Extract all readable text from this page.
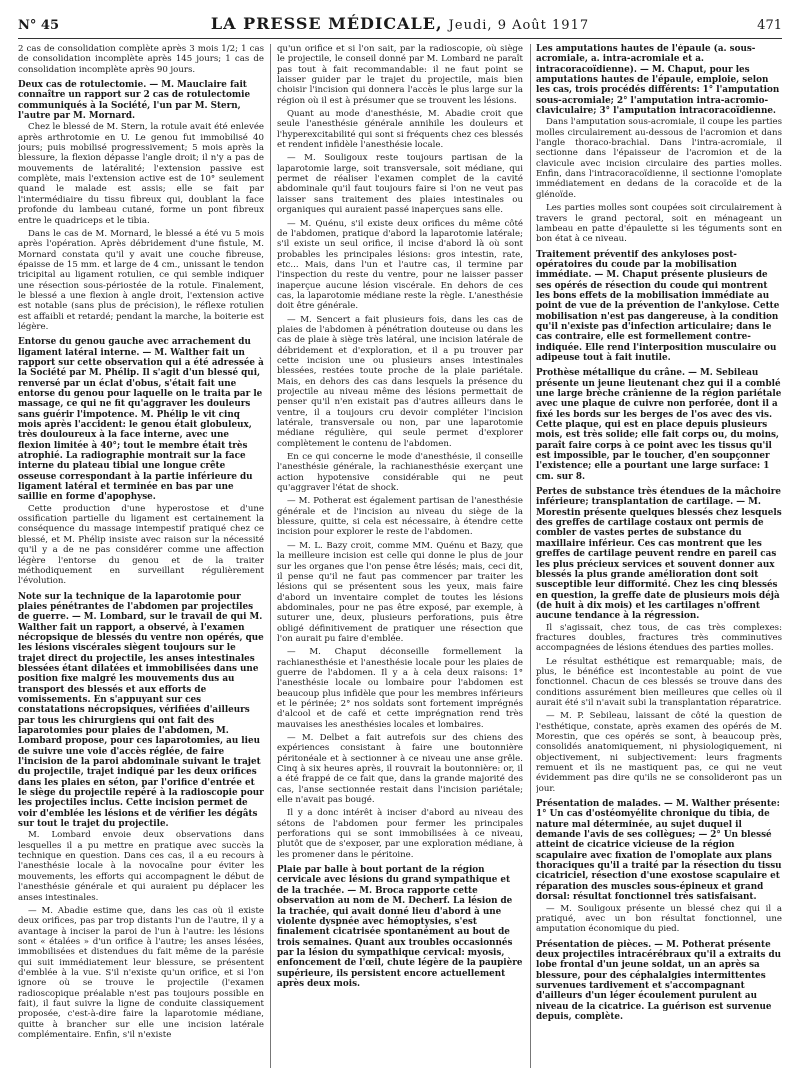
N° 45	LA PRESSE MÉDICALE, Jeudi, 9 Août 1917	471

2 cas de consolidation complète après 3 mois 1/2; 1 cas de consolidation incomplète après 145 jours; 1 cas de consolidation incomplète après 90 jours.

Deux cas de rotulectomie. — M. Mauclaire fait connaître un rapport sur 2 cas de rotulectomie communiqués à la Société, l'un par M. Stern, l'autre par M. Mornard.

Chez le blessé de M. Stern, la rotule avait été enlevée après arthrotomie en U. Le genou fut immobilisé 40 jours; puis mobilisé progressivement; 5 mois après la blessure, la flexion dépasse l'angle droit; il n'y a pas de mouvements de latéralité; l'extension passive est complète, mais l'extension active est de 10° seulement quand le malade est assis; elle se fait par l'intermédiaire du tissu fibreux qui, doublant la face profonde du lambeau cutané, forme un pont fibreux entre le quadriceps et le tibia.

Dans le cas de M. Mornard, le blessé a été vu 5 mois après l'opération. Après débridement d'une fistule, M. Mornard constata qu'il y avait une couche fibreuse, épaisse de 15 mm. et large de 4 cm., unissant le tendon tricipital au ligament rotulien, ce qui semble indiquer une résection sous-périostée de la rotule. Finalement, le blessé a une flexion à angle droit, l'extension active est notable (sans plus de précision), le réflexe rotulien est affaibli et retardé; pendant la marche, la boiterie est légère.

Entorse du genou gauche avec arrachement du ligament latéral interne. — M. Walther fait un rapport sur cette observation qui a été adressée à la Société par M. Phélip. Il s'agit d'un blessé qui, renversé par un éclat d'obus, s'était fait une entorse du genou pour laquelle on le traita par le massage, ce qui ne fit qu'aggraver les douleurs sans guérir l'impotence. M. Phélip le vit cinq mois après l'accident: le genou était globuleux, très douloureux à la face interne, avec une flexion limitée à 40°; tout le membre était très atrophié. La radiographie montrait sur la face interne du plateau tibial une longue crête osseuse correspondant à la partie inférieure du ligament latéral et terminée en bas par une saillie en forme d'apophyse.

Cette production d'une hyperostose et d'une ossification partielle du ligament est certainement la conséquence du massage intempestif pratiqué chez ce blessé, et M. Phélip insiste avec raison sur la nécessité qu'il y a de ne pas considérer comme une affection légère l'entorse du genou et de la traiter méthodiquement en surveillant régulièrement l'évolution.

Note sur la technique de la laparotomie pour plaies pénétrantes de l'abdomen par projectiles de guerre. — M. Lombard, sur le travail de qui M. Walther fait un rapport, a observé, à l'examen nécropsique de blessés du ventre non opérés, que les lésions viscérales siègent toujours sur le trajet direct du projectile, les anses intestinales blessées étant dilatées et immobilisées dans une position fixe malgré les mouvements dus au transport des blessés et aux efforts de vomissements. En s'appuyant sur ces constatations nécropsiques, vérifiées d'ailleurs par tous les chirurgiens qui ont fait des laparotomies pour plaies de l'abdomen, M. Lombard propose, pour ces laparotomies, au lieu de suivre une voie d'accès réglée, de faire l'incision de la paroi abdominale suivant le trajet du projectile, trajet indiqué par les deux orifices dans les plaies en séton, par l'orifice d'entrée et le siège du projectile repéré à la radioscopie pour les projectiles inclus. Cette incision permet de voir d'emblée les lésions et de vérifier les dégâts sur tout le trajet du projectile.

M. Lombard envoie deux observations dans lesquelles il a pu mettre en pratique avec succès la technique en question. Dans ces cas, il a eu recours à l'anesthésie locale à la novocaïne pour éviter les mouvements, les efforts qui accompagnent le début de l'anesthésie générale et qui auraient pu déplacer les anses intestinales.

— M. Abadie estime que, dans les cas où il existe deux orifices, pas par trop distants l'un de l'autre, il y a avantage à inciser la paroi de l'un à l'autre: les lésions sont « étalées » d'un orifice à l'autre; les anses lésées, immobilisées et distendues du fait même de la parésie qui suit immédiatement leur blessure, se présentent d'emblée à la vue. S'il n'existe qu'un orifice, et si l'on ignore où se trouve le projectile (l'examen radioscopique préalable n'est pas toujours possible en fait), il faut suivre la ligne de conduite classiquement proposée, c'est-à-dire faire la laparotomie médiane, quitte à brancher sur elle une incision latérale complémentaire. Enfin, s'il n'existe

qu'un orifice et si l'on sait, par la radioscopie, où siège le projectile, le conseil donné par M. Lombard ne paraît pas tout à fait recommandable: il ne faut point se laisser guider par le trajet du projectile, mais bien choisir l'incision qui donnera l'accès le plus large sur la région où il est à présumer que se trouvent les lésions.

Quant au mode d'anesthésie, M. Abadie croit que seule l'anesthésie générale annihile les douleurs et l'hyperexcitabilité qui sont si fréquents chez ces blessés et rendent infidèle l'anesthésie locale.

— M. Souligoux reste toujours partisan de la laparotomie large, soit transversale, soit médiane, qui permet de réaliser l'examen complet de la cavité abdominale qu'il faut toujours faire si l'on ne veut pas laisser sans traitement des plaies intestinales ou organiques qui auraient passé inaperçues sans elle.

— M. Quénu, s'il existe deux orifices du même côté de l'abdomen, pratique d'abord la laparotomie latérale; s'il existe un seul orifice, il incise d'abord là où sont probables les principales lésions: gros intestin, rate, etc... Mais, dans l'un et l'autre cas, il termine par l'inspection du reste du ventre, pour ne laisser passer inaperçue aucune lésion viscérale. En dehors de ces cas, la laparotomie médiane reste la règle. L'anesthésie doit être générale.

— M. Sencert a fait plusieurs fois, dans les cas de plaies de l'abdomen à pénétration douteuse ou dans les cas de plaie à siège très latéral, une incision latérale de débridement et d'exploration, et il a pu trouver par cette incision une ou plusieurs anses intestinales blessées, restées toute proche de la plaie pariétale. Mais, en dehors des cas dans lesquels la présence du projectile au niveau même des lésions permettait de penser qu'il n'en existait pas d'autres ailleurs dans le ventre, il a toujours cru devoir compléter l'incision latérale, transversale ou non, par une laparotomie médiane régulière, qui seule permet d'explorer complètement le contenu de l'abdomen.

En ce qui concerne le mode d'anesthésie, il conseille l'anesthésie générale, la rachianesthésie exerçant une action hypotensive considérable qui ne peut qu'aggraver l'état de shock.

— M. Potherat est également partisan de l'anesthésie générale et de l'incision au niveau du siège de la blessure, quitte, si cela est nécessaire, à étendre cette incision pour explorer le reste de l'abdomen.

— M. L. Bazy croit, comme MM. Quénu et Bazy, que la meilleure incision est celle qui donne le plus de jour sur les organes que l'on pense être lésés; mais, ceci dit, il pense qu'il ne faut pas commencer par traiter les lésions qui se présentent sous les yeux, mais faire d'abord un inventaire complet de toutes les lésions abdominales, pour ne pas être exposé, par exemple, à suturer une, deux, plusieurs perforations, puis être obligé définitivement de pratiquer une résection que l'on aurait pu faire d'emblée.

— M. Chaput déconseille formellement la rachianesthésie et l'anesthésie locale pour les plaies de guerre de l'abdomen. Il y a à cela deux raisons: 1° l'anesthésie locale ou lombaire pour l'abdomen est beaucoup plus infidèle que pour les membres inférieurs et le périnée; 2° nos soldats sont fortement imprégnés d'alcool et de café et cette imprégnation rend très mauvaises les anesthésies locales et lombaires.

— M. Delbet a fait autrefois sur des chiens des expériences consistant à faire une boutonnière péritonéale et à sectionner à ce niveau une anse grêle. Cinq à six heures après, il rouvrait la boutonnière: or, il a été frappé de ce fait que, dans la grande majorité des cas, l'anse sectionnée restait dans l'incision pariétale; elle n'avait pas bougé.

Il y a donc intérêt à inciser d'abord au niveau des sétons de l'abdomen pour fermer les principales perforations qui se sont immobilisées à ce niveau, plutôt que de s'exposer, par une exploration médiane, à les promener dans le péritoine.

Plaie par balle à bout portant de la région cervicale avec lésions du grand sympathique et de la trachée. — M. Broca rapporte cette observation au nom de M. Decherf. La lésion de la trachée, qui avait donné lieu d'abord à une violente dyspnée avec hémoptysies, s'est finalement cicatrisée spontanément au bout de trois semaines. Quant aux troubles occasionnés par la lésion du sympathique cervical: myosis, enfoncement de l'œil, chute légère de la paupière supérieure, ils persistent encore actuellement après deux mois.
Les amputations hautes de l'épaule (a. sous-acromiale, a. intra-acromiale et a. intracoracoïdienne). — M. Chaput, pour les amputations hautes de l'épaule, emploie, selon les cas, trois procédés différents: 1° l'amputation sous-acromiale; 2° l'amputation intra-acromio-claviculaire; 3° l'amputation intracoracoïdienne.

Dans l'amputation sous-acromiale, il coupe les parties molles circulairement au-dessous de l'acromion et dans l'angle thoraco-brachial. Dans l'intra-acromiale, il sectionne dans l'épaisseur de l'acromion et de la clavicule avec incision circulaire des parties molles. Enfin, dans l'intracoracoïdienne, il sectionne l'omoplate immédiatement en dedans de la coracoïde et de la glénoïde.

Les parties molles sont coupées soit circulairement à travers le grand pectoral, soit en ménageant un lambeau en patte d'épaulette si les téguments sont en bon état à ce niveau.

Traitement préventif des ankyloses post-opératoires du coude par la mobilisation immédiate. — M. Chaput présente plusieurs de ses opérés de résection du coude qui montrent les bons effets de la mobilisation immédiate au point de vue de la prévention de l'ankylose. Cette mobilisation n'est pas dangereuse, à la condition qu'il n'existe pas d'infection articulaire; dans le cas contraire, elle est formellement contre-indiquée. Elle rend l'interposition musculaire ou adipeuse tout à fait inutile.
Prothèse métallique du crâne. — M. Sebileau présente un jeune lieutenant chez qui il a comblé une large brèche crânienne de la région pariétale avec une plaque de cuivre non perforée, dont il a fixé les bords sur les berges de l'os avec des vis. Cette plaque, qui est en place depuis plusieurs mois, est très solide; elle fait corps ou, du moins, paraît faire corps à ce point avec les tissus qu'il est impossible, par le toucher, d'en soupçonner l'existence; elle a pourtant une large surface: 1 cm. sur 8.
Pertes de substance très étendues de la mâchoire inférieure; transplantation de cartilage. — M. Morestin présente quelques blessés chez lesquels des greffes de cartilage costaux ont permis de combler de vastes pertes de substance du maxillaire inférieur. Ces cas montrent que les greffes de cartilage peuvent rendre en pareil cas les plus précieux services et souvent donner aux blessés la plus grande amélioration dont soit susceptible leur difformité. Chez les cinq blessés en question, la greffe date de plusieurs mois déjà (de huit à dix mois) et les cartilages n'offrent aucune tendance à la régression.

Il s'agissait, chez tous, de cas très complexes: fractures doubles, fractures très comminutives accompagnées de lésions étendues des parties molles.

Le résultat esthétique est remarquable; mais, de plus, le bénéfice est incontestable au point de vue fonctionnel. Chacun de ces blessés se trouve dans des conditions assurément bien meilleures que celles où il aurait été s'il n'avait subi la transplantation réparatrice.

— M. P. Sebileau, laissant de côté la question de l'esthétique, constate, après examen des opérés de M. Morestin, que ces opérés se sont, à beaucoup près, consolidés anatomiquement, ni physiologiquement, ni objectivement, ni subjectivement: leurs fragments remuent et ils ne mastiquent pas, ce qui ne veut évidemment pas dire qu'ils ne se consolideront pas un jour.

Présentation de malades. — M. Walther présente: 1° Un cas d'ostéomyélite chronique du tibia, de nature mal déterminée, au sujet duquel il demande l'avis de ses collègues; — 2° Un blessé atteint de cicatrice vicieuse de la région scapulaire avec fixation de l'omoplate aux plans thoraciques qu'il a traité par la résection du tissu cicatriciel, résection d'une exostose scapulaire et réparation des muscles sous-épineux et grand dorsal: résultat fonctionnel très satisfaisant.

— M. Souligoux présente un blessé chez qui il a pratiqué, avec un bon résultat fonctionnel, une amputation économique du pied.

Présentation de pièces. — M. Potherat présente deux projectiles intracérébraux qu'il a extraits du lobe frontal d'un jeune soldat, un an après sa blessure, pour des céphalalgies intermittentes survenues tardivement et s'accompagnant d'ailleurs d'un léger écoulement purulent au niveau de la cicatrice. La guérison est survenue depuis, complète.
